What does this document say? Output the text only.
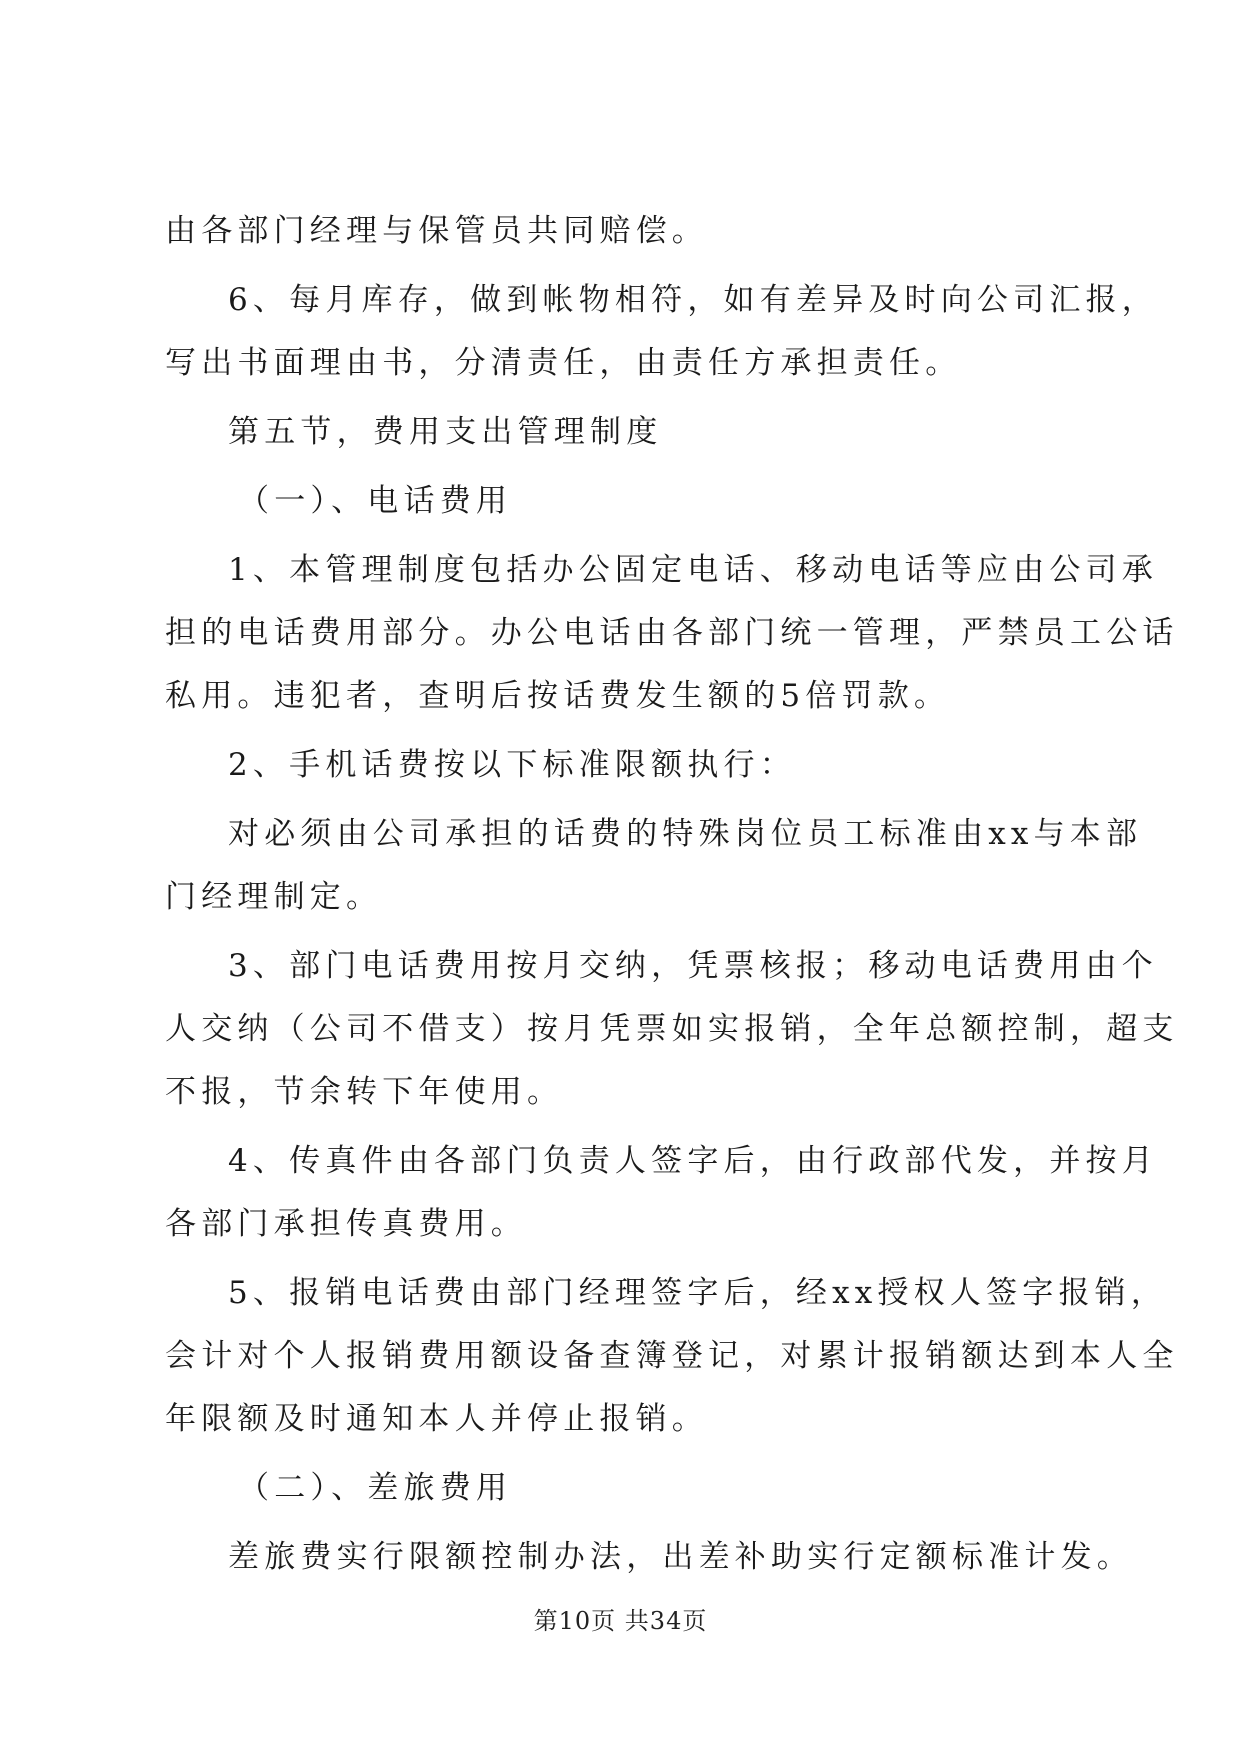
由各部门经理与保管员共同赔偿。
6、每月库存，做到帐物相符，如有差异及时向公司汇报，
写出书面理由书，分清责任，由责任方承担责任。
第五节，费用支出管理制度
（一）、电话费用
1、本管理制度包括办公固定电话、移动电话等应由公司承
担的电话费用部分。办公电话由各部门统一管理，严禁员工公话
私用。违犯者，查明后按话费发生额的5倍罚款。
2、手机话费按以下标准限额执行：
对必须由公司承担的话费的特殊岗位员工标准由xx与本部
门经理制定。
3、部门电话费用按月交纳，凭票核报；移动电话费用由个
人交纳（公司不借支）按月凭票如实报销，全年总额控制，超支
不报，节余转下年使用。
4、传真件由各部门负责人签字后，由行政部代发，并按月
各部门承担传真费用。
5、报销电话费由部门经理签字后，经xx授权人签字报销，
会计对个人报销费用额设备查簿登记，对累计报销额达到本人全
年限额及时通知本人并停止报销。
（二）、差旅费用
差旅费实行限额控制办法，出差补助实行定额标准计发。
第10页 共34页
